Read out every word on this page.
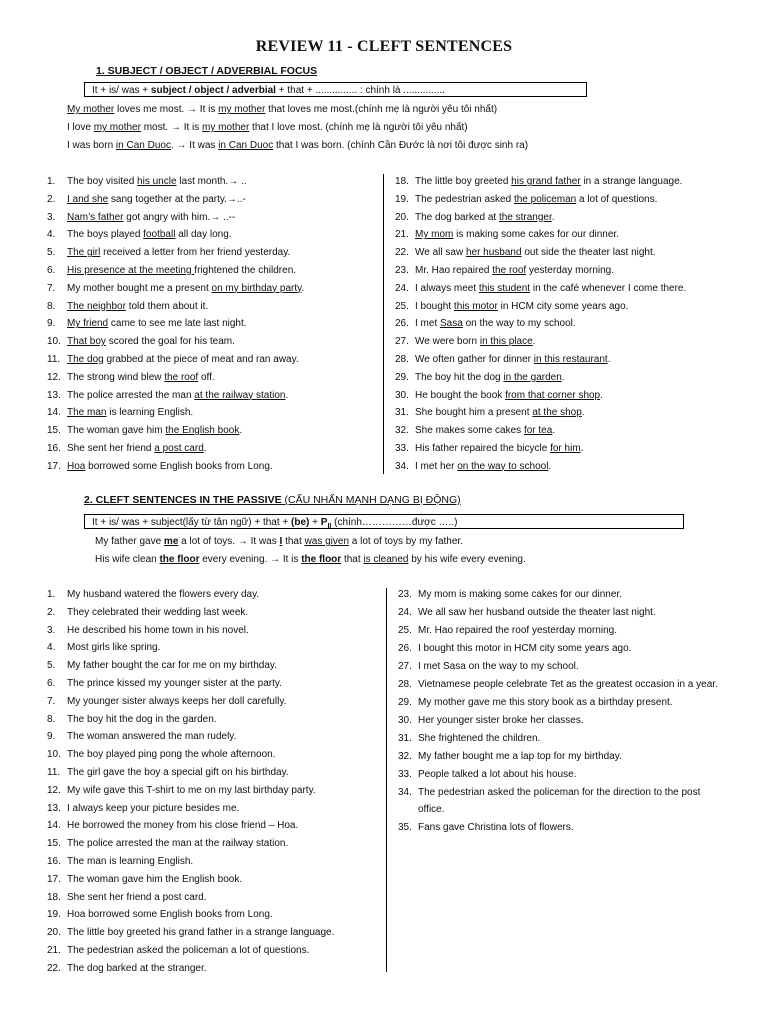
REVIEW 11 - CLEFT SENTENCES
1. SUBJECT / OBJECT / ADVERBIAL FOCUS
It + is/ was + subject / object / adverbial + that + ............... : chính là ...............
My mother loves me most. → It is my mother that loves me most.(chính mẹ là người yêu tôi nhất)
I love my mother most. → It is my mother that I love most. (chính mẹ là người tôi yêu nhất)
I was born in Can Duoc. → It was in Can Duoc that I was born. (chính Cần Đước là nơi tôi được sinh ra)
1. The boy visited his uncle last month.→ ..
2. I and she sang together at the party.→..-
3. Nam’s father got angry with him.→ ..--
4. The boys played football all day long.
5. The girl received a letter from her friend yesterday.
6. His presence at the meeting frightened the children.
7. My mother bought me a present on my birthday party.
8. The neighbor told them about it.
9. My friend came to see me late last night.
10. That boy scored the goal for his team.
11. The dog grabbed at the piece of meat and ran away.
12. The strong wind blew the roof off.
13. The police arrested the man at the railway station.
14. The man is learning English.
15. The woman gave him the English book.
16. She sent her friend a post card.
17. Hoa borrowed some English books from Long.
18. The little boy greeted his grand father in a strange language.
19. The pedestrian asked the policeman a lot of questions.
20. The dog barked at the stranger.
21. My mom is making some cakes for our dinner.
22. We all saw her husband out side the theater last night.
23. Mr. Hao repaired the roof yesterday morning.
24. I always meet this student in the café whenever I come there.
25. I bought this motor in HCM city some years ago.
26. I met Sasa on the way to my school.
27. We were born in this place.
28. We often gather for dinner in this restaurant.
29. The boy hit the dog in the garden.
30. He bought the book from that corner shop.
31. She bought him a present at the shop.
32. She makes some cakes for tea.
33. His father repaired the bicycle for him.
34. I met her on the way to school.
2. CLEFT SENTENCES IN THE PASSIVE (CẤU NHẤN MẠNH DẠNG BỊ ĐỘNG)
It + is/ was + subject(lấy từ tân ngữ) + that + $(be) + P_{II}$ (chính……………được …..)
My father gave me a lot of toys. → It was I that was given a lot of toys by my father.
His wife clean the floor every evening. → It is the floor that is cleaned by his wife every evening.
1. My husband watered the flowers every day.
2. They celebrated their wedding last week.
3. He described his home town in his novel.
4. Most girls like spring.
5. My father bought the car for me on my birthday.
6. The prince kissed my younger sister at the party.
7. My younger sister always keeps her doll carefully.
8. The boy hit the dog in the garden.
9. The woman answered the man rudely.
10. The boy played ping pong the whole afternoon.
11. The girl gave the boy a special gift on his birthday.
12. My wife gave this T-shirt to me on my last birthday party.
13. I always keep your picture besides me.
14. He borrowed the money from his close friend – Hoa.
15. The police arrested the man at the railway station.
16. The man is learning English.
17. The woman gave him the English book.
18. She sent her friend a post card.
19. Hoa borrowed some English books from Long.
20. The little boy greeted his grand father in a strange language.
21. The pedestrian asked the policeman a lot of questions.
22. The dog barked at the stranger.
23. My mom is making some cakes for our dinner.
24. We all saw her husband outside the theater last night.
25. Mr. Hao repaired the roof yesterday morning.
26. I bought this motor in HCM city some years ago.
27. I met Sasa on the way to my school.
28. Vietnamese people celebrate Tet as the greatest occasion in a year.
29. My mother gave me this story book as a birthday present.
30. Her younger sister broke her classes.
31. She frightened the children.
32. My father bought me a lap top for my birthday.
33. People talked a lot about his house.
34. The pedestrian asked the policeman for the direction to the post office.
35. Fans gave Christina lots of flowers.
